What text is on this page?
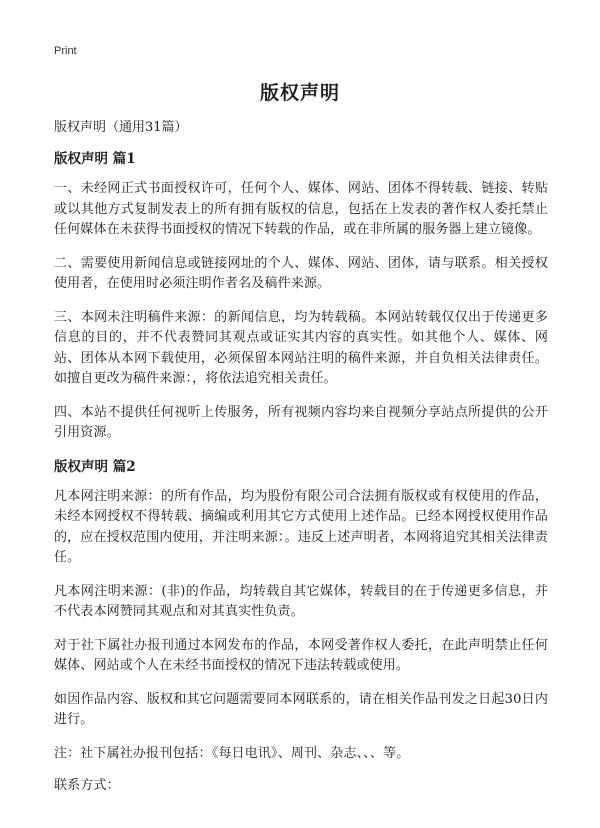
Print
版权声明
版权声明（通用31篇）
版权声明 篇1

一、未经网正式书面授权许可，任何个人、媒体、网站、团体不得转载、链接、转贴或以其他方式复制发表上的所有拥有版权的信息，包括在上发表的著作权人委托禁止任何媒体在未获得书面授权的情况下转载的作品，或在非所属的服务器上建立镜像。

二、需要使用新闻信息或链接网址的个人、媒体、网站、团体，请与联系。相关授权使用者，在使用时必须注明作者名及稿件来源。

三、本网未注明稿件来源：的新闻信息，均为转载稿。本网站转载仅仅出于传递更多信息的目的，并不代表赞同其观点或证实其内容的真实性。如其他个人、媒体、网站、团体从本网下载使用，必须保留本网站注明的稿件来源，并自负相关法律责任。如擅自更改为稿件来源：，将依法追究相关责任。

四、本站不提供任何视听上传服务，所有视频内容均来自视频分享站点所提供的公开引用资源。

版权声明 篇2

凡本网注明来源：的所有作品，均为股份有限公司合法拥有版权或有权使用的作品，未经本网授权不得转载、摘编或利用其它方式使用上述作品。已经本网授权使用作品的，应在授权范围内使用，并注明来源：。违反上述声明者，本网将追究其相关法律责任。

凡本网注明来源：(非)的作品，均转载自其它媒体，转载目的在于传递更多信息，并不代表本网赞同其观点和对其真实性负责。

对于社下属社办报刊通过本网发布的作品，本网受著作权人委托，在此声明禁止任何媒体、网站或个人在未经书面授权的情况下违法转载或使用。

如因作品内容、版权和其它问题需要同本网联系的，请在相关作品刊发之日起30日内进行。

注：社下属社办报刊包括：《每日电讯》、周刊、杂志、、、等。

联系方式：
